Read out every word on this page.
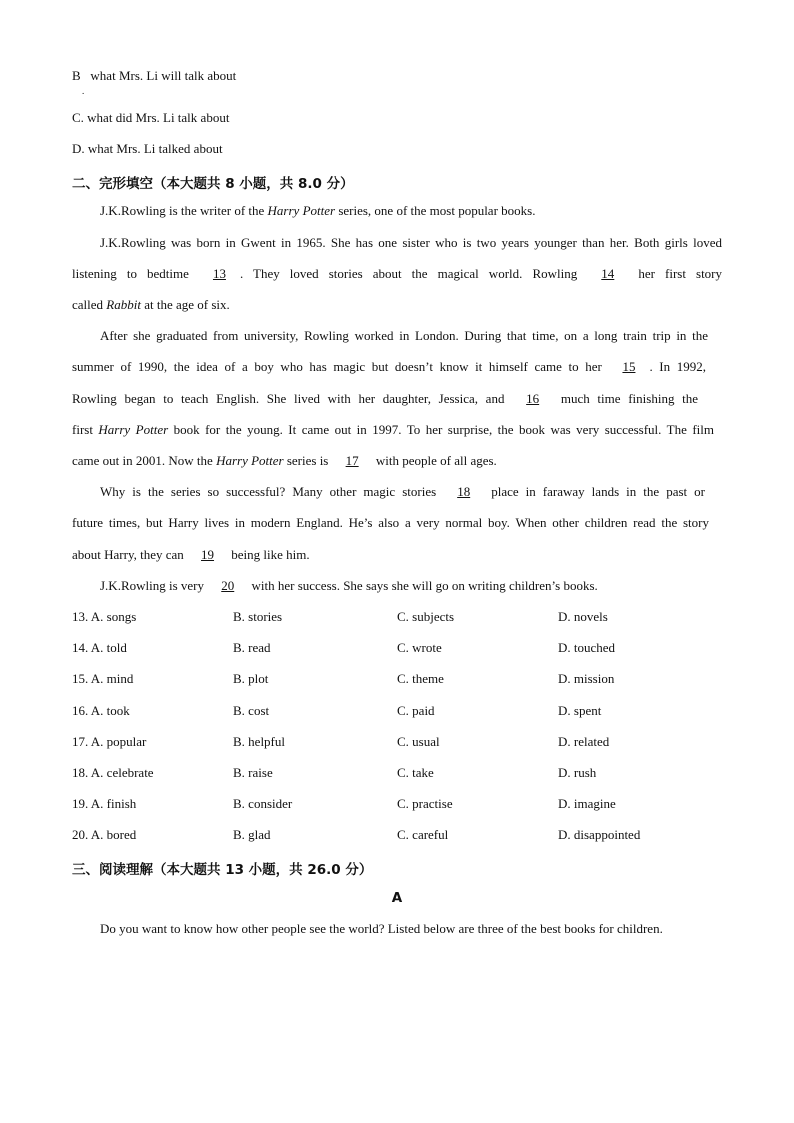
B   what Mrs. Li will talk about
.
C. what did Mrs. Li talk about
D. what Mrs. Li talked about
二、完形填空（本大题共 8 小题，共 8.0 分）
J.K.Rowling is the writer of the Harry Potter series, one of the most popular books.
J.K.Rowling was born in Gwent in 1965. She has one sister who is two years younger than her. Both girls loved
listening to bedtime 13 . They loved stories about the magical world. Rowling 14 her first story
called Rabbit at the age of six.
After she graduated from university, Rowling worked in London. During that time, on a long train trip in the
summer of 1990, the idea of a boy who has magic but doesn’t know it himself came to her 15 . In 1992,
Rowling began to teach English. She lived with her daughter, Jessica, and 16 much time finishing the
first Harry Potter book for the young. It came out in 1997. To her surprise, the book was very successful. The film
came out in 2001. Now the Harry Potter series is 17 with people of all ages.
Why is the series so successful? Many other magic stories 18 place in faraway lands in the past or
future times, but Harry lives in modern England. He’s also a very normal boy. When other children read the story
about Harry, they can 19 being like him.
J.K.Rowling is very 20 with her success. She says she will go on writing children’s books.
13. A. songs	B. stories	C. subjects	D. novels
14. A. told	B. read	C. wrote	D. touched
15. A. mind	B. plot	C. theme	D. mission
16. A. took	B. cost	C. paid	D. spent
17. A. popular	B. helpful	C. usual	D. related
18. A. celebrate	B. raise	C. take	D. rush
19. A. finish	B. consider	C. practise	D. imagine
20. A. bored	B. glad	C. careful	D. disappointed
三、阅读理解（本大题共 13 小题，共 26.0 分）
A
Do you want to know how other people see the world? Listed below are three of the best books for children.
